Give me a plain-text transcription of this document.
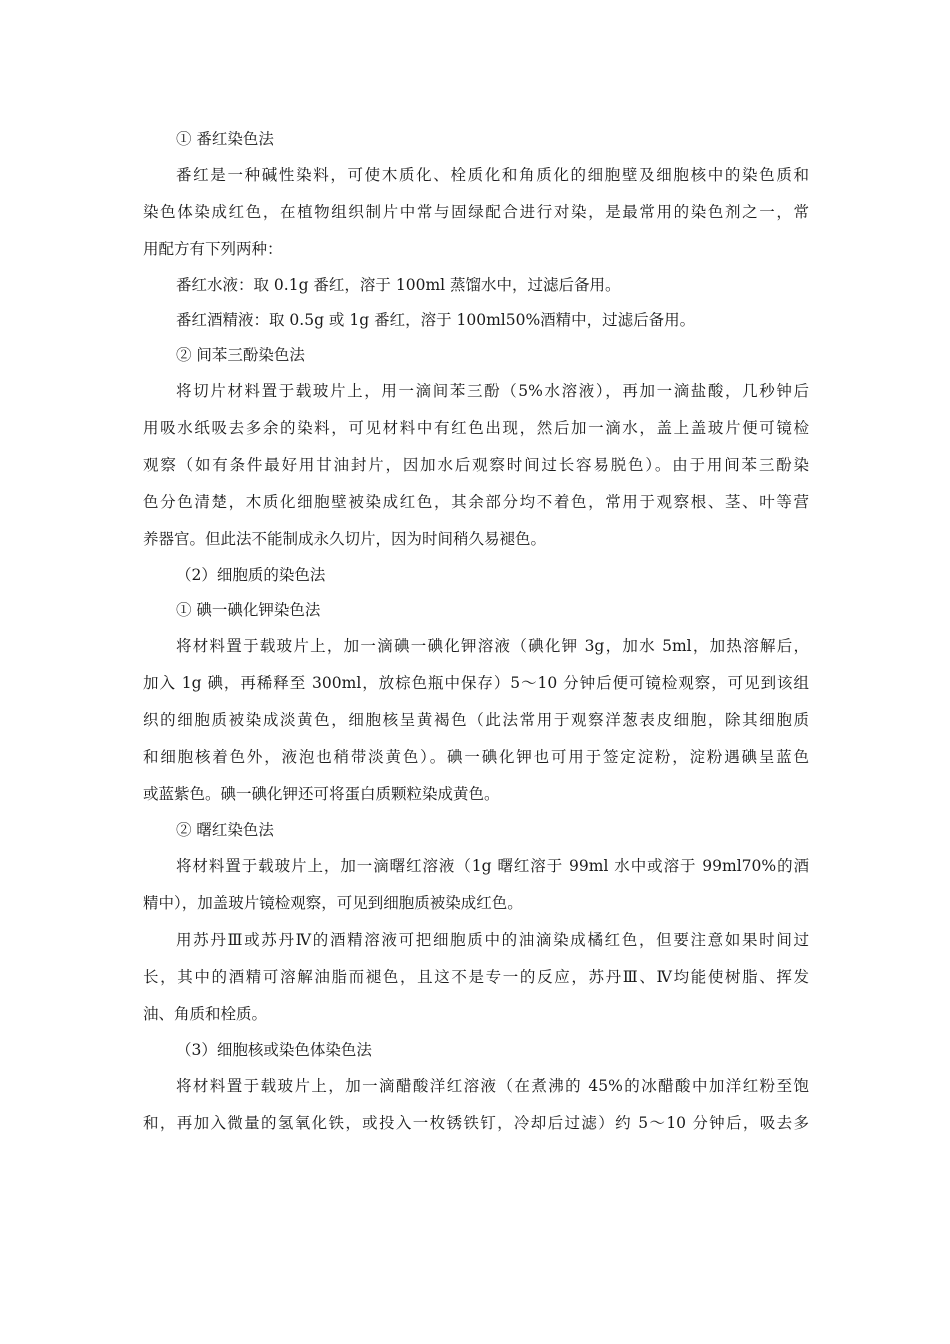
① 番红染色法
番红是一种碱性染料，可使木质化、栓质化和角质化的细胞壁及细胞核中的染色质和
染色体染成红色，在植物组织制片中常与固绿配合进行对染，是最常用的染色剂之一，常
用配方有下列两种：
番红水液：取 0.1g 番红，溶于 100ml 蒸馏水中，过滤后备用。
番红酒精液：取 0.5g 或 1g 番红，溶于 100ml50%酒精中，过滤后备用。
② 间苯三酚染色法
将切片材料置于载玻片上，用一滴间苯三酚（5%水溶液），再加一滴盐酸，几秒钟后
用吸水纸吸去多余的染料，可见材料中有红色出现，然后加一滴水，盖上盖玻片便可镜检
观察（如有条件最好用甘油封片，因加水后观察时间过长容易脱色）。由于用间苯三酚染
色分色清楚，木质化细胞壁被染成红色，其余部分均不着色，常用于观察根、茎、叶等营
养器官。但此法不能制成永久切片，因为时间稍久易褪色。
（2）细胞质的染色法
① 碘一碘化钾染色法
将材料置于载玻片上，加一滴碘一碘化钾溶液（碘化钾 3g，加水 5ml，加热溶解后，
加入 1g 碘，再稀释至 300ml，放棕色瓶中保存）5～10 分钟后便可镜检观察，可见到该组
织的细胞质被染成淡黄色，细胞核呈黄褐色（此法常用于观察洋葱表皮细胞，除其细胞质
和细胞核着色外，液泡也稍带淡黄色）。碘一碘化钾也可用于签定淀粉，淀粉遇碘呈蓝色
或蓝紫色。碘一碘化钾还可将蛋白质颗粒染成黄色。
② 曙红染色法
将材料置于载玻片上，加一滴曙红溶液（1g 曙红溶于 99ml 水中或溶于 99ml70%的酒
精中），加盖玻片镜检观察，可见到细胞质被染成红色。
用苏丹Ⅲ或苏丹Ⅳ的酒精溶液可把细胞质中的油滴染成橘红色，但要注意如果时间过
长，其中的酒精可溶解油脂而褪色，且这不是专一的反应，苏丹Ⅲ、Ⅳ均能使树脂、挥发
油、角质和栓质。
（3）细胞核或染色体染色法
将材料置于载玻片上，加一滴醋酸洋红溶液（在煮沸的 45%的冰醋酸中加洋红粉至饱
和，再加入微量的氢氧化铁，或投入一枚锈铁钉，冷却后过滤）约 5～10 分钟后，吸去多
